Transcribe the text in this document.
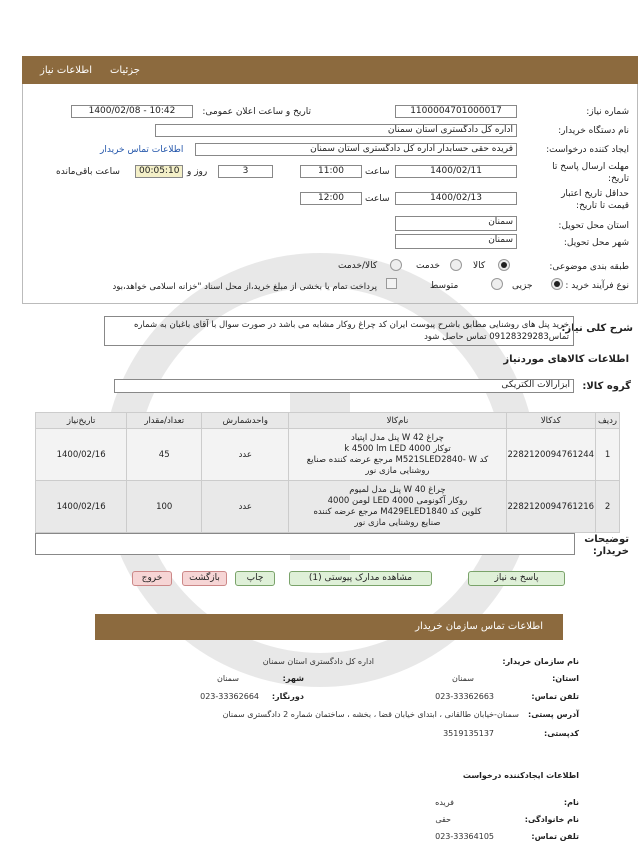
جزئیات
اطلاعات نیاز
شماره نیاز:
1100004701000017
تاریخ و ساعت اعلان عمومی:
1400/02/08 - 10:42
نام دستگاه خریدار:
اداره کل دادگستری استان سمنان
ایجاد کننده درخواست:
فریده حقی حسابدار اداره کل دادگستری استان سمنان
اطلاعات تماس خریدار
مهلت ارسال پاسخ تا
تاریخ:
1400/02/11
ساعت
11:00
3
روز و
00:05:10
ساعت باقی‌مانده
حداقل تاریخ اعتبار
قیمت تا تاریخ:
1400/02/13
ساعت
12:00
استان محل تحویل:
سمنان
شهر محل تحویل:
سمنان
طبقه بندی موضوعی:
کالا
خدمت
کالا/خدمت
نوع فرآیند خرید :
جزیی
متوسط
پرداخت تمام یا بخشی از مبلغ خرید،از محل اسناد "خزانه اسلامی خواهد،بود
شرح کلی نیاز:
خرید پنل های روشنایی مطابق باشرح پیوست ایران کد چراغ روکار مشابه می باشد در صورت سوال با آقای باغبان به شماره تماس09128329283 تماس حاصل شود
اطلاعات کالاهای موردنیاز
گروه کالا:
ابزارآلات الکتریکی
ردیف	کدکالا	نام‌کالا	واحدشمارش	تعداد/مقدار	تاریخ‌نیاز
1	2282120094761244	چراغ 42 W پنل مدل اپتیاد
توکار 4000 k 4500 lm LED
کد M521SLED2840- W مرجع عرضه کننده صنایع
روشنایی مازی نور	عدد	45	1400/02/16
2	2282120094761216	چراغ 40 W پنل مدل لمیوم
روکار آکونومی LED 4000 لومن 4000
کلوین کد M429ELED1840 مرجع عرضه کننده
صنایع روشنایی مازی نور	عدد	100	1400/02/16
توضیحات
خریدار:
پاسخ به نیاز
مشاهده مدارک پیوستی (1)
چاپ
بازگشت
خروج
اطلاعات تماس سازمان خریدار
نام سازمان خریدار:
اداره کل دادگستری استان سمنان
استان:
سمنان
شهر:
سمنان
تلفن تماس:
023-33362663
دورنگار:
023-33362664
آدرس پستی:
سمنان-خیابان طالقانی ، ابتدای خیابان قضا ، بخشه ، ساختمان شماره 2 دادگستری سمنان
کدپستی:
3519135137
اطلاعات ایجادکننده درخواست
نام:
فریده
نام خانوادگی:
حقی
تلفن تماس:
023-33364105
